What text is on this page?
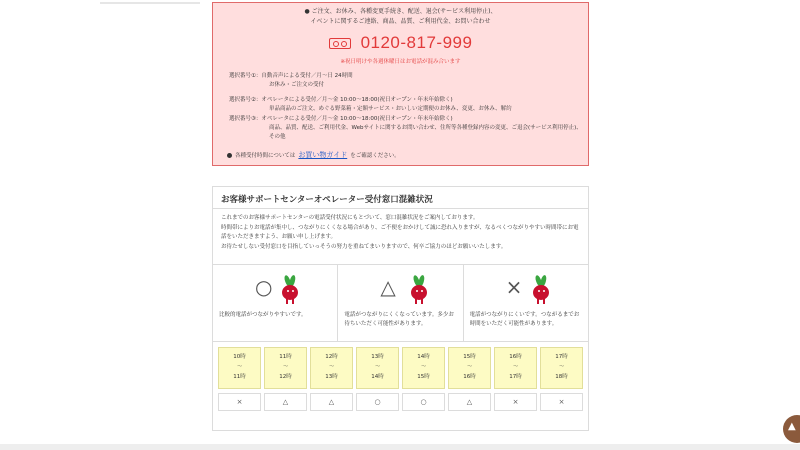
● ご注文、お休み、各種変更手続き、配送、退会(サービス利用停止)、
イベントに関するご連絡、商品、品質、ご利用代金、お問い合わせ
0120-817-999
※祝日明けや各週休曜日はお電話が混み合います
選択番号①：自動音声による受付／月～日 24時間
お休み・ご注文の受付
選択番号②：オペレータによる受付／月～金 10:00～18:00(祝日オープン・年末年始除く)
単品商品のご注文、めぐる野菜箱・定額サービス・おいしい定期便のお休み、変更、お休み、解約
選択番号③：オペレータによる受付／月～金 10:00～18:00(祝日オープン・年末年始除く)
商品、品質、配送、ご利用代金、Webサイトに関するお問い合わせ、住所等各種登録内容の変更、ご退会(サービス利用停止)、その他
各種受付時間については お買い物ガイド をご確認ください。
お客様サポートセンターオペレーター受付窓口混雑状況
これまでのお客様サポートセンターの電話受付状況にもとづいて、窓口混雑状況をご案内しております。
時間帯によりお電話が集中し、つながりにくくなる場合があり、ご不便をおかけして誠に恐れ入りますが、なるべくつながりやすい時間帯にお電話をいただきますよう、お願い申し上げます。
お待たせしない受付窓口を目指していっそうの努力を重ねてまいりますので、何卒ご協力のほどお願いいたします。
○
比較的電話がつながりやすいです。
△
電話がつながりにくくなっています。多少お待ちいただく可能性があります。
×
電話がつながりにくいです。つながるまでお時間をいただく可能性があります。
10時
～
11時
×
11時
～
12時
△
12時
～
13時
△
13時
～
14時
○
14時
～
15時
○
15時
～
16時
△
16時
～
17時
×
17時
～
18時
×
▲
